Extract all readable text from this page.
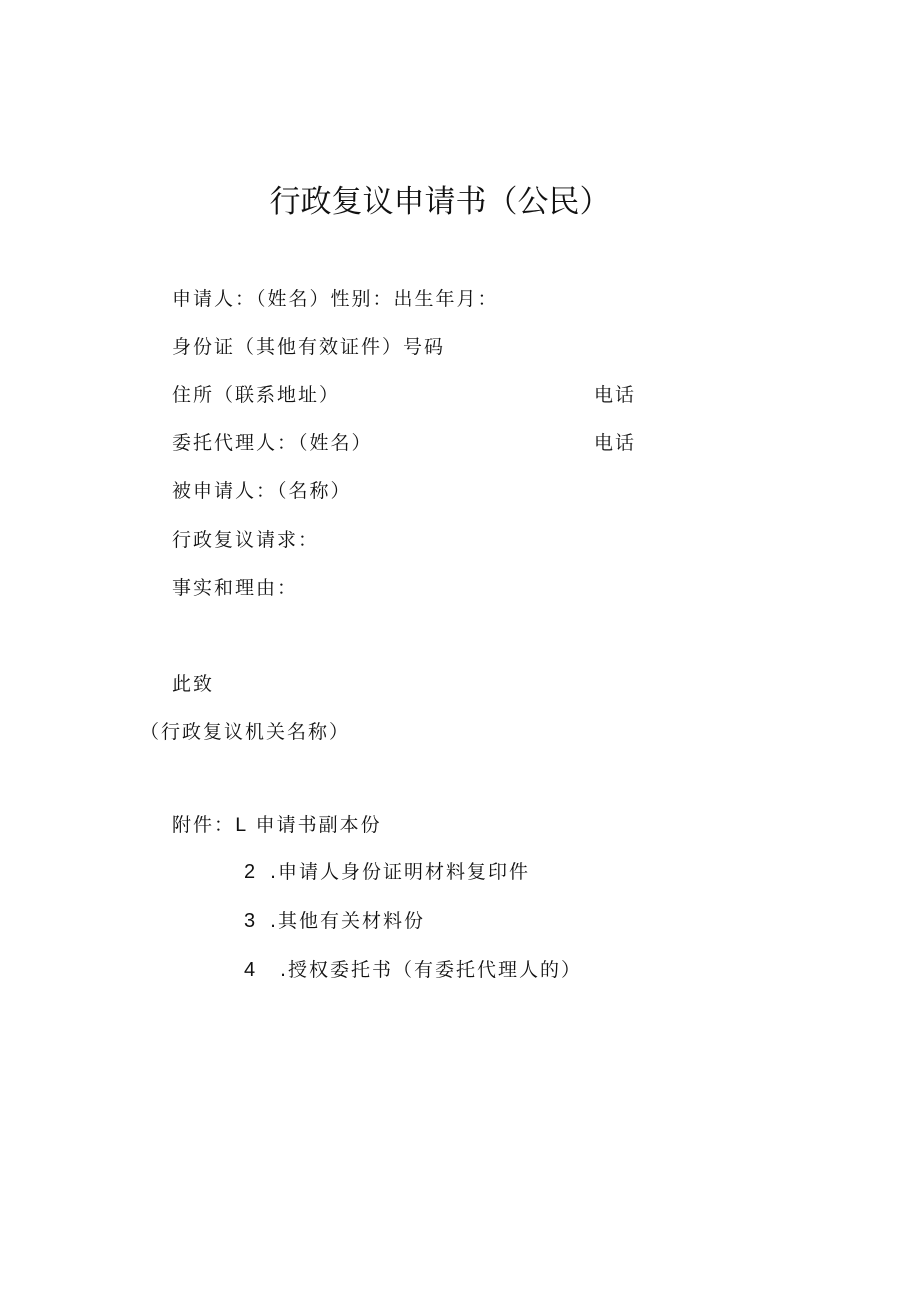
行政复议申请书（公民）
申请人：（姓名）性别：出生年月：
身份证（其他有效证件）号码
住所（联系地址）	电话
委托代理人：（姓名）	电话
被申请人：（名称）
行政复议请求：
事实和理由：
此致
（行政复议机关名称）
附件：L 申请书副本份
2 .申请人身份证明材料复印件
3 .其他有关材料份
4 .授权委托书（有委托代理人的）
